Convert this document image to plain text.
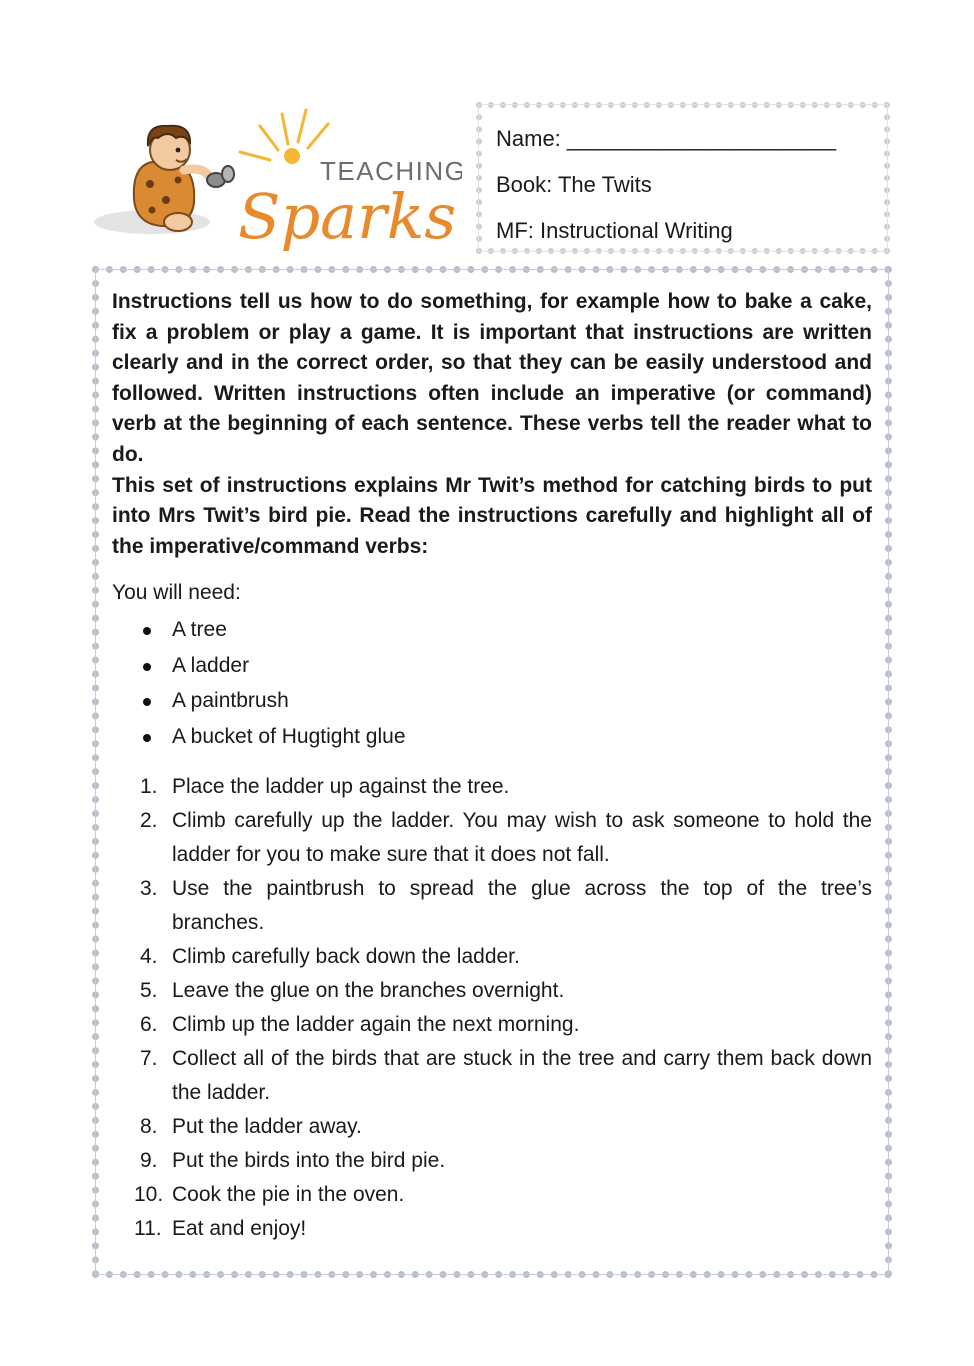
TEACHING
Sparks
Name: ______________________
Book: The Twits
MF: Instructional Writing

Instructions tell us how to do something, for example how to bake a cake, fix a problem or play a game. It is important that instructions are written clearly and in the correct order, so that they can be easily understood and followed. Written instructions often include an imperative (or command) verb at the beginning of each sentence. These verbs tell the reader what to do.

This set of instructions explains Mr Twit’s method for catching birds to put into Mrs Twit’s bird pie. Read the instructions carefully and highlight all of the imperative/command verbs:

You will need:
A tree
A ladder
A paintbrush
A bucket of Hugtight glue
1. Place the ladder up against the tree.
2. Climb carefully up the ladder. You may wish to ask someone to hold the ladder for you to make sure that it does not fall.
3. Use the paintbrush to spread the glue across the top of the tree’s branches.
4. Climb carefully back down the ladder.
5. Leave the glue on the branches overnight.
6. Climb up the ladder again the next morning.
7. Collect all of the birds that are stuck in the tree and carry them back down the ladder.
8. Put the ladder away.
9. Put the birds into the bird pie.
10. Cook the pie in the oven.
11. Eat and enjoy!
